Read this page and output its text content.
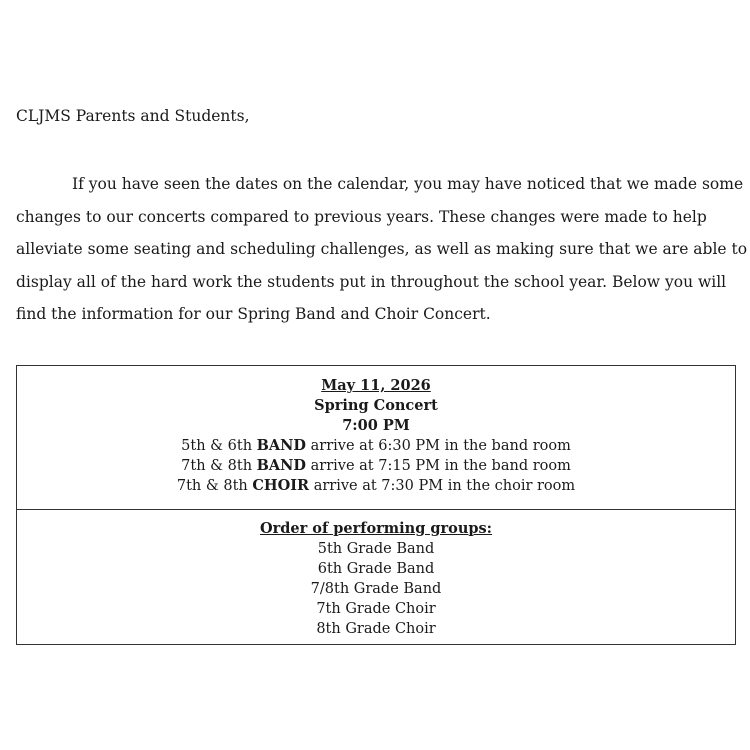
CLJMS Parents and Students,
If you have seen the dates on the calendar, you may have noticed that we made some
changes to our concerts compared to previous years. These changes were made to help
alleviate some seating and scheduling challenges, as well as making sure that we are able to
display all of the hard work the students put in throughout the school year. Below you will
find the information for our Spring Band and Choir Concert.
May 11, 2026
Spring Concert
7:00 PM
5th & 6th BAND arrive at 6:30 PM in the band room
7th & 8th BAND arrive at 7:15 PM in the band room
7th & 8th CHOIR arrive at 7:30 PM in the choir room

Order of performing groups:
5th Grade Band
6th Grade Band
7/8th Grade Band
7th Grade Choir
8th Grade Choir
